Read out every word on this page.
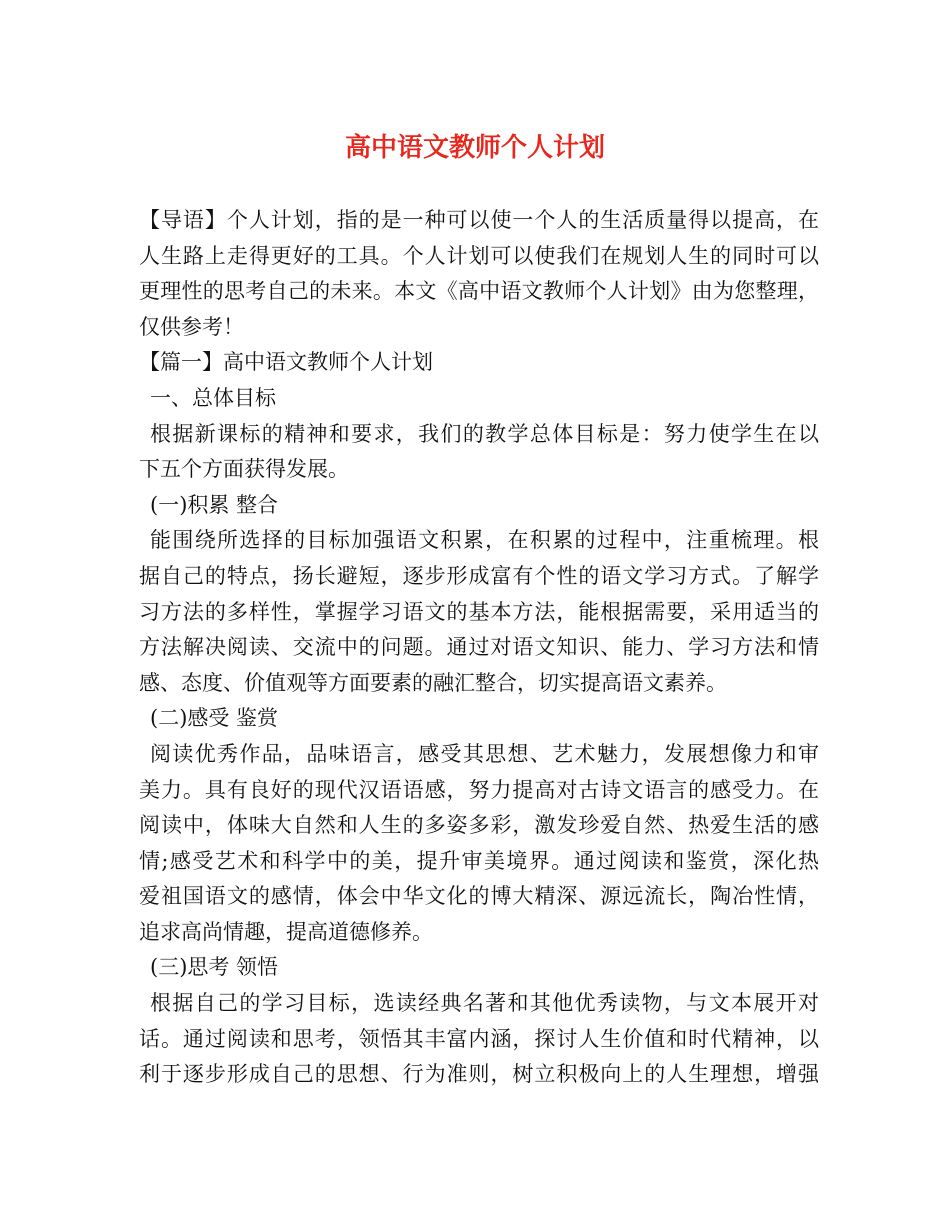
高中语文教师个人计划
【导语】个人计划，指的是一种可以使一个人的生活质量得以提高，在
人生路上走得更好的工具。个人计划可以使我们在规划人生的同时可以
更理性的思考自己的未来。本文《高中语文教师个人计划》由为您整理，
仅供参考！
【篇一】高中语文教师个人计划
一、总体目标
根据新课标的精神和要求，我们的教学总体目标是：努力使学生在以
下五个方面获得发展。
(一)积累 整合
能围绕所选择的目标加强语文积累，在积累的过程中，注重梳理。根
据自己的特点，扬长避短，逐步形成富有个性的语文学习方式。了解学
习方法的多样性，掌握学习语文的基本方法，能根据需要，采用适当的
方法解决阅读、交流中的问题。通过对语文知识、能力、学习方法和情
感、态度、价值观等方面要素的融汇整合，切实提高语文素养。
(二)感受 鉴赏
阅读优秀作品，品味语言，感受其思想、艺术魅力，发展想像力和审
美力。具有良好的现代汉语语感，努力提高对古诗文语言的感受力。在
阅读中，体味大自然和人生的多姿多彩，激发珍爱自然、热爱生活的感
情;感受艺术和科学中的美，提升审美境界。通过阅读和鉴赏，深化热
爱祖国语文的感情，体会中华文化的博大精深、源远流长，陶冶性情，
追求高尚情趣，提高道德修养。
(三)思考 领悟
根据自己的学习目标，选读经典名著和其他优秀读物，与文本展开对
话。通过阅读和思考，领悟其丰富内涵，探讨人生价值和时代精神，以
利于逐步形成自己的思想、行为准则，树立积极向上的人生理想，增强
